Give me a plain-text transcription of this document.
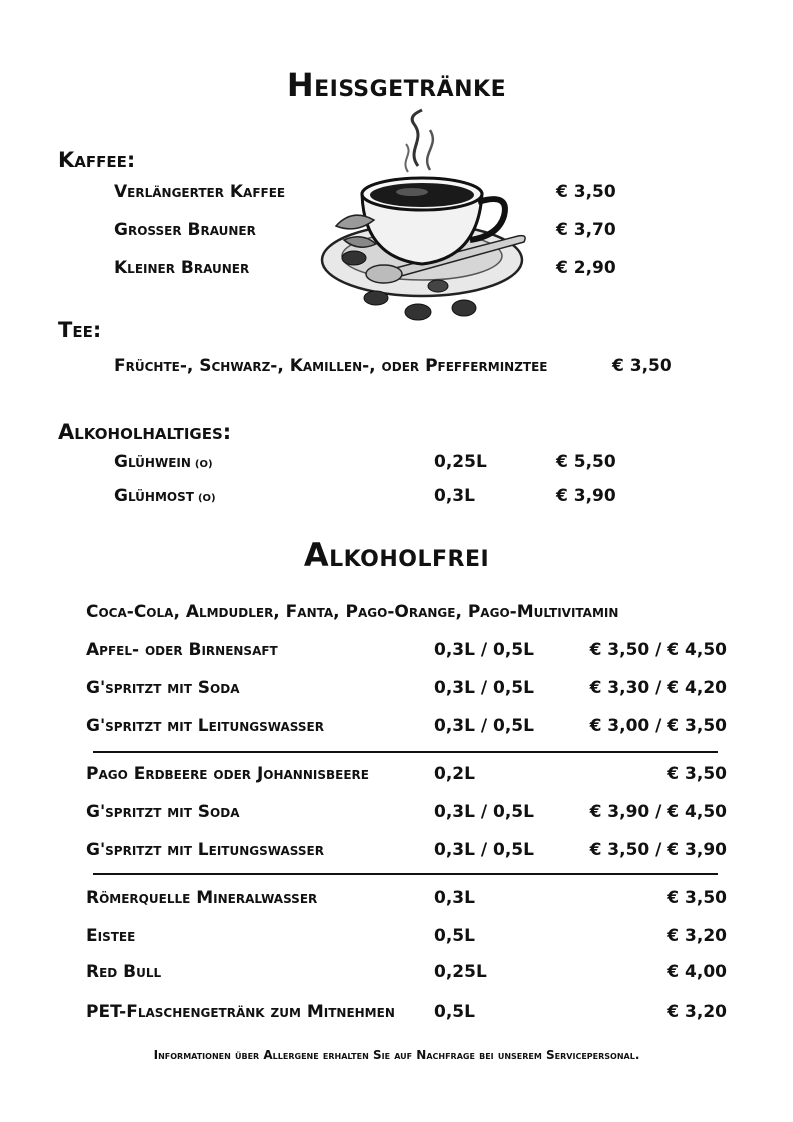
Heißgetränke
Kaffee:
Verlängerter Kaffee	€ 3,50
Großer Brauner	€ 3,70
Kleiner Brauner	€ 2,90
Tee:
Früchte-, Schwarz-, Kamillen-, oder Pfefferminztee	€ 3,50
Alkoholhaltiges:
Glühwein (O)	0,25L	€ 5,50
Glühmost (O)	0,3L	€ 3,90
Alkoholfrei
Coca-Cola, Almdudler, Fanta, Pago-Orange, Pago-Multivitamin
Apfel- oder Birnensaft	0,3L / 0,5L	€ 3,50 / € 4,50
G'spritzt mit Soda	0,3L / 0,5L	€ 3,30 / € 4,20
G'spritzt mit Leitungswasser	0,3L / 0,5L	€ 3,00 / € 3,50
Pago Erdbeere oder Johannisbeere	0,2L	€ 3,50
G'spritzt mit Soda	0,3L / 0,5L	€ 3,90 / € 4,50
G'spritzt mit Leitungswasser	0,3L / 0,5L	€ 3,50 / € 3,90
Römerquelle Mineralwasser	0,3L	€ 3,50
Eistee	0,5L	€ 3,20
Red Bull	0,25L	€ 4,00
PET-Flaschengetränk zum Mitnehmen 0,5L	€ 3,20
Informationen über Allergene erhalten Sie auf Nachfrage bei unserem Servicepersonal.
